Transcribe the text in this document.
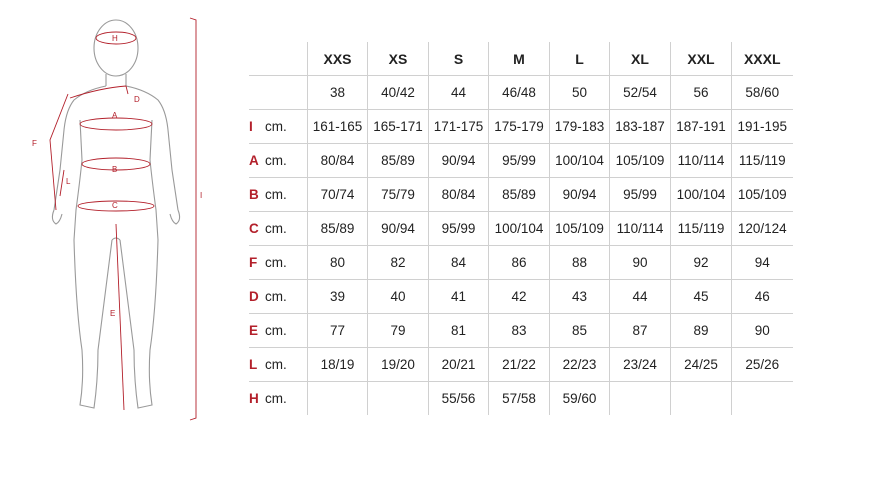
H
D
A
F
B
L
C
E
I
		XXS	XS	S	M	L	XL	XXL	XXXL
		38	40/42	44	46/48	50	52/54	56	58/60
I	cm.	161-165	165-171	171-175	175-179	179-183	183-187	187-191	191-195
A	cm.	80/84	85/89	90/94	95/99	100/104	105/109	110/114	115/119
B	cm.	70/74	75/79	80/84	85/89	90/94	95/99	100/104	105/109
C	cm.	85/89	90/94	95/99	100/104	105/109	110/114	115/119	120/124
F	cm.	80	82	84	86	88	90	92	94
D	cm.	39	40	41	42	43	44	45	46
E	cm.	77	79	81	83	85	87	89	90
L	cm.	18/19	19/20	20/21	21/22	22/23	23/24	24/25	25/26
H	cm.			55/56	57/58	59/60			
